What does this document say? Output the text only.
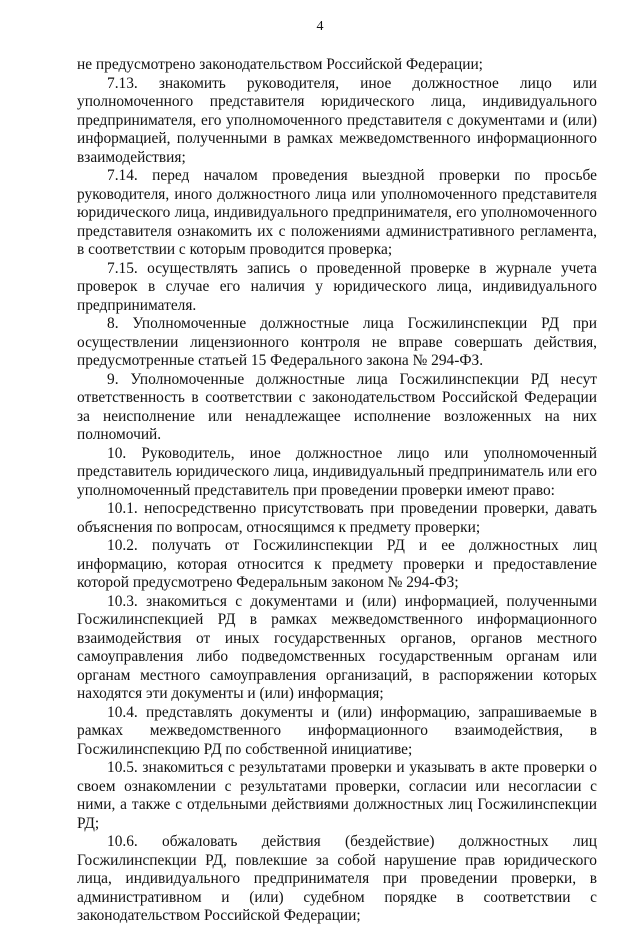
4

не предусмотрено законодательством Российской Федерации;

7.13. знакомить руководителя, иное должностное лицо или уполномоченного представителя юридического лица, индивидуального предпринимателя, его уполномоченного представителя с документами и (или) информацией, полученными в рамках межведомственного информационного взаимодействия;

7.14. перед началом проведения выездной проверки по просьбе руководителя, иного должностного лица или уполномоченного представителя юридического лица, индивидуального предпринимателя, его уполномоченного представителя ознакомить их с положениями административного регламента, в соответствии с которым проводится проверка;

7.15. осуществлять запись о проведенной проверке в журнале учета проверок в случае его наличия у юридического лица, индивидуального предпринимателя.

8. Уполномоченные должностные лица Госжилинспекции РД при осуществлении лицензионного контроля не вправе совершать действия, предусмотренные статьей 15 Федерального закона № 294-ФЗ.

9. Уполномоченные должностные лица Госжилинспекции РД несут ответственность в соответствии с законодательством Российской Федерации за неисполнение или ненадлежащее исполнение возложенных на них полномочий.

10. Руководитель, иное должностное лицо или уполномоченный представитель юридического лица, индивидуальный предприниматель или его уполномоченный представитель при проведении проверки имеют право:

10.1. непосредственно присутствовать при проведении проверки, давать объяснения по вопросам, относящимся к предмету проверки;

10.2. получать от Госжилинспекции РД и ее должностных лиц информацию, которая относится к предмету проверки и предоставление которой предусмотрено Федеральным законом № 294-ФЗ;

10.3. знакомиться с документами и (или) информацией, полученными Госжилинспекцией РД в рамках межведомственного информационного взаимодействия от иных государственных органов, органов местного самоуправления либо подведомственных государственным органам или органам местного самоуправления организаций, в распоряжении которых находятся эти документы и (или) информация;

10.4. представлять документы и (или) информацию, запрашиваемые в рамках межведомственного информационного взаимодействия, в Госжилинспекцию РД по собственной инициативе;

10.5. знакомиться с результатами проверки и указывать в акте проверки о своем ознакомлении с результатами проверки, согласии или несогласии с ними, а также с отдельными действиями должностных лиц Госжилинспекции РД;

10.6. обжаловать действия (бездействие) должностных лиц Госжилинспекции РД, повлекшие за собой нарушение прав юридического лица, индивидуального предпринимателя при проведении проверки, в административном и (или) судебном порядке в соответствии с законодательством Российской Федерации;
